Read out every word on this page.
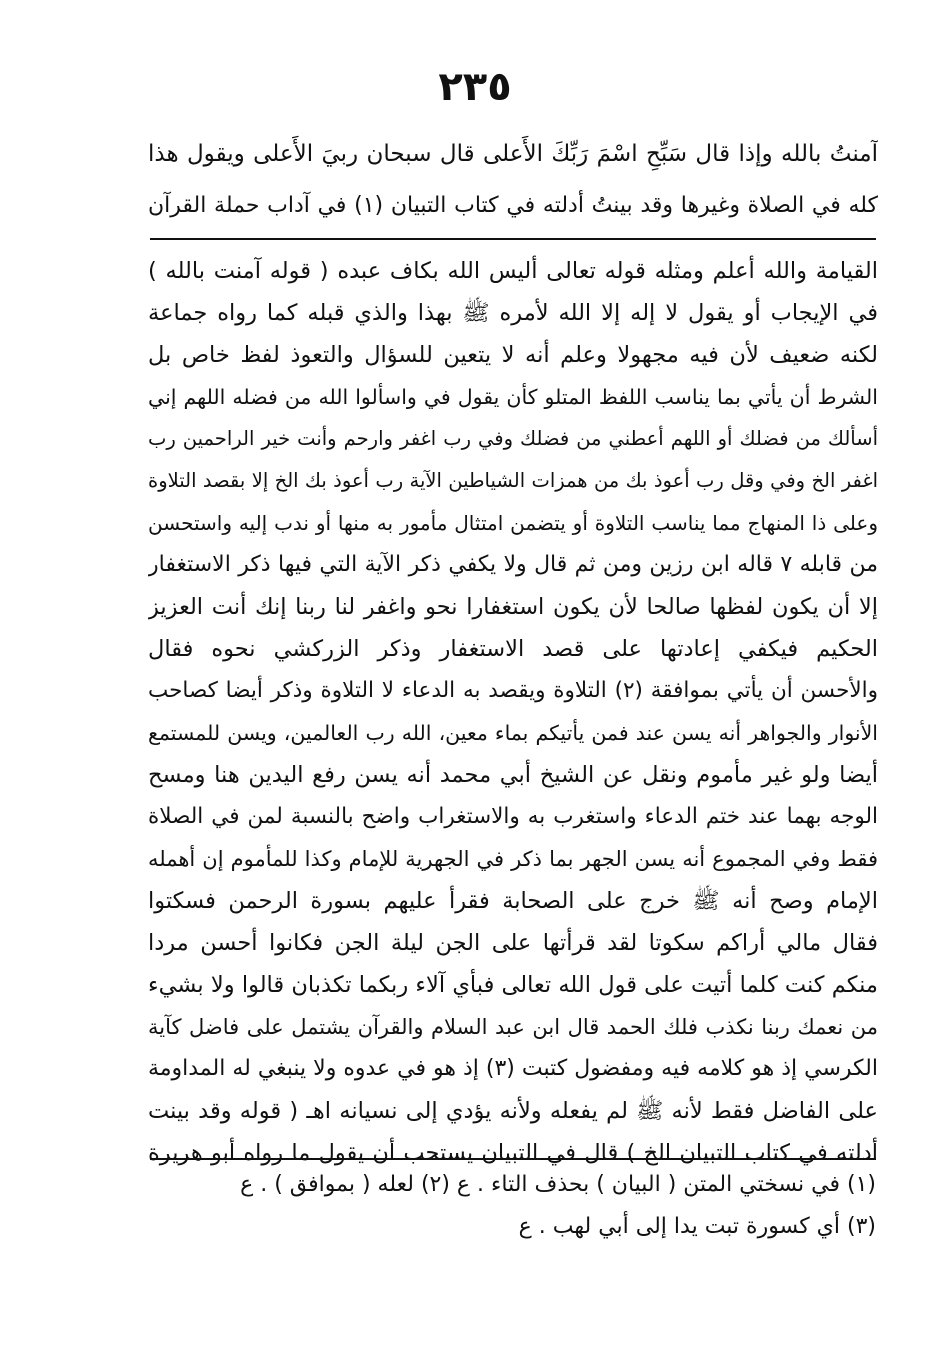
٢٣٥
آمنتُ بالله وإذا قال سَبِّحِ اسْمَ رَبِّكَ الأَعلى قال سبحان ربيَ الأَعلى ويقول هذا
كله في الصلاة وغيرها وقد بينتُ أدلته في كتاب التبيان (١) في آداب حملة القرآن
القيامة والله أعلم ومثله قوله تعالى أليس الله بكاف عبده ( قوله آمنت بالله )
في الإيجاب أو يقول لا إله إلا الله لأمره ﷺ بهذا والذي قبله كما رواه جماعة
لكنه ضعيف لأن فيه مجهولا وعلم أنه لا يتعين للسؤال والتعوذ لفظ خاص بل
الشرط أن يأتي بما يناسب اللفظ المتلو كأن يقول في واسألوا الله من فضله اللهم إني
أسألك من فضلك أو اللهم أعطني من فضلك وفي رب اغفر وارحم وأنت خير الراحمين رب
اغفر الخ وفي وقل رب أعوذ بك من همزات الشياطين الآية رب أعوذ بك الخ إلا بقصد التلاوة
وعلى ذا المنهاج مما يناسب التلاوة أو يتضمن امتثال مأمور به منها أو ندب إليه واستحسن
من قابله ٧ قاله ابن رزين ومن ثم قال ولا يكفي ذكر الآية التي فيها ذكر الاستغفار
إلا أن يكون لفظها صالحا لأن يكون استغفارا نحو واغفر لنا ربنا إنك أنت العزيز
الحكيم فيكفي إعادتها على قصد الاستغفار وذكر الزركشي نحوه فقال
والأحسن أن يأتي بموافقة (٢) التلاوة ويقصد به الدعاء لا التلاوة وذكر أيضا كصاحب
الأنوار والجواهر أنه يسن عند فمن يأتيكم بماء معين، الله رب العالمين، ويسن للمستمع
أيضا ولو غير مأموم ونقل عن الشيخ أبي محمد أنه يسن رفع اليدين هنا ومسح
الوجه بهما عند ختم الدعاء واستغرب به والاستغراب واضح بالنسبة لمن في الصلاة
فقط وفي المجموع أنه يسن الجهر بما ذكر في الجهرية للإمام وكذا للمأموم إن أهمله
الإمام وصح أنه ﷺ خرج على الصحابة فقرأ عليهم بسورة الرحمن فسكتوا
فقال مالي أراكم سكوتا لقد قرأتها على الجن ليلة الجن فكانوا أحسن مردا
منكم كنت كلما أتيت على قول الله تعالى فبأي آلاء ربكما تكذبان قالوا ولا بشيء
من نعمك ربنا نكذب فلك الحمد قال ابن عبد السلام والقرآن يشتمل على فاضل كآية
الكرسي إذ هو كلامه فيه ومفضول كتبت (٣) إذ هو في عدوه ولا ينبغي له المداومة
على الفاضل فقط لأنه ﷺ لم يفعله ولأنه يؤدي إلى نسيانه اهـ ( قوله وقد بينت
أدلته في كتاب التبيان الخ ) قال في التبيان يستحب أن يقول ما رواه أبو هريرة
(١) في نسختي المتن ( البيان ) بحذف التاء . ع (٢) لعله ( بموافق ) . ع
(٣) أي كسورة تبت يدا إلى أبي لهب . ع
